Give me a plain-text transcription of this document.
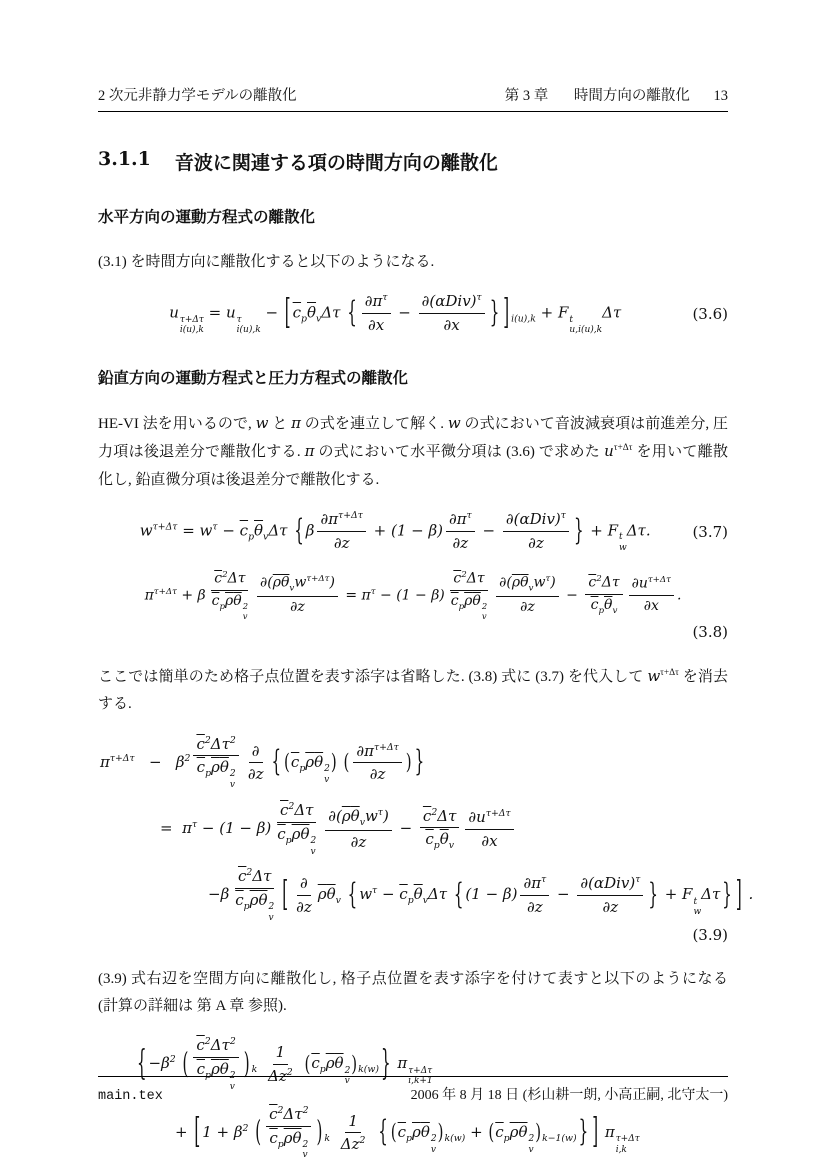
2 次元非静力学モデルの離散化	第 3 章 時間方向の離散化 13
3.1.1 音波に関連する項の時間方向の離散化
水平方向の運動方程式の離散化

(3.1) を時間方向に離散化すると以下のようになる.

u τ+Δτ
i(u),k
= u τ
i(u),k
− [ $\overline{c}_p\overline{\theta}_v\Delta\tau$ { $\frac{\partial\pi^\tau}{\partial x}$ −
$\partial(\alpha Div)^\tau$
∂x } ] $_{i(u),k}$ + F t
u,i(u),k
Δτ	(3.6)
鉛直方向の運動方程式と圧力方程式の離散化

HE-VI 法を用いるので, w と π の式を連立して解く. w の式において音波減衰項は前進差分, 圧力項は後退差分で離散化する. π の式において水平微分項は (3.6) で求めた $u^{\tau+\Delta\tau}$ を用いて離散化し, 鉛直微分項は後退差分で離散化する.

$w^{\tau+\Delta\tau} = w^\tau - \overline{c}_p\overline{\theta}_v\Delta\tau$ { β $\frac{\partial\pi^{\tau+\Delta\tau}}{\partial z} + (1 - \beta) \frac{\partial\pi^\tau}{\partial z}$ −
$\partial(\alpha Div)^\tau$
∂z } + F t
w
Δτ.	(3.7)
$\pi^{\tau+\Delta\tau} + \beta$
$\overline{c}^2\Delta\tau$
$\overline{c}_p\overline{\rho}\overline{\theta}$ 2
v
$\partial(\overline{\rho}\overline{\theta}_vw^{\tau+\Delta\tau})$
∂z
= $\pi^\tau - (1 - \beta)$
$\overline{c}^2\Delta\tau$
$\overline{c}_p\overline{\rho}\overline{\theta}$ 2
v
$\partial(\overline{\rho}\overline{\theta}_vw^\tau)$
∂z
−
$\overline{c}^2\Delta\tau$
$\overline{c}_p\overline{\theta}_v \frac{\partial u^{\tau+\Delta\tau}}{\partial x}$ .
(3.8)

ここでは簡単のため格子点位置を表す添字は省略した. (3.8) 式に (3.7) を代入して $w^{\tau+\Delta\tau}$ を消去する.

$\pi^{\tau+\Delta\tau} - \beta^2$
$\overline{c}^2\Delta\tau^2$
$\overline{c}_p\overline{\rho}\overline{\theta}$ 2
v
∂
∂z { ($\overline{c}_p\overline{\rho}\overline{\theta}$ 2
v
) ( $\frac{\partial\pi^{\tau+\Delta\tau}}{\partial z}$ ) }
=  $\pi^\tau - (1 - \beta)$
$\overline{c}^2\Delta\tau$
$\overline{c}_p\overline{\rho}\overline{\theta}$ 2
v
$\partial(\overline{\rho}\overline{\theta}_vw^\tau)$
∂z
−
$\overline{c}^2\Delta\tau$
$\overline{c}_p\overline{\theta}_v \frac{\partial u^{\tau+\Delta\tau}}{\partial x}$
−β
$\overline{c}^2\Delta\tau$
$\overline{c}_p\overline{\rho}\overline{\theta}$ 2
v
[ ∂
∂z
$\overline{\rho}\overline{\theta}_v$ { $w^\tau - \overline{c}_p\overline{\theta}_v\Delta\tau$ { $(1 - \beta) \frac{\partial\pi^\tau}{\partial z}$ −
$\partial(\alpha Div)^\tau$
∂z } + F t
w
Δτ } ] .
(3.9)

(3.9) 式右辺を空間方向に離散化し, 格子点位置を表す添字を付けて表すと以下のようになる (計算の詳細は 第 A 章 参照).

{ $-\beta^2$ (
$\overline{c}^2\Delta\tau^2$
$\overline{c}_p\overline{\rho}\overline{\theta}$ 2
v
) $_k \frac{1}{\Delta z^2} (\overline{c}_p\overline{\rho}\overline{\theta}$ 2
v
)$_{k(w)}$ } π τ+Δτ
i,k+1
+ [ $1 + \beta^2$ (
$\overline{c}^2\Delta\tau^2$
$\overline{c}_p\overline{\rho}\overline{\theta}$ 2
v
) $_k \frac{1}{\Delta z^2}$ { ($\overline{c}_p\overline{\rho}\overline{\theta}$ 2
v
)$_{k(w)} + (\overline{c}_p\overline{\rho}\overline{\theta}$ 2
v
)$_{k-1(w)}$ } ] π τ+Δτ
i,k
main.tex	2006 年 8 月 18 日 (杉山耕一朗, 小高正嗣, 北守太一)
